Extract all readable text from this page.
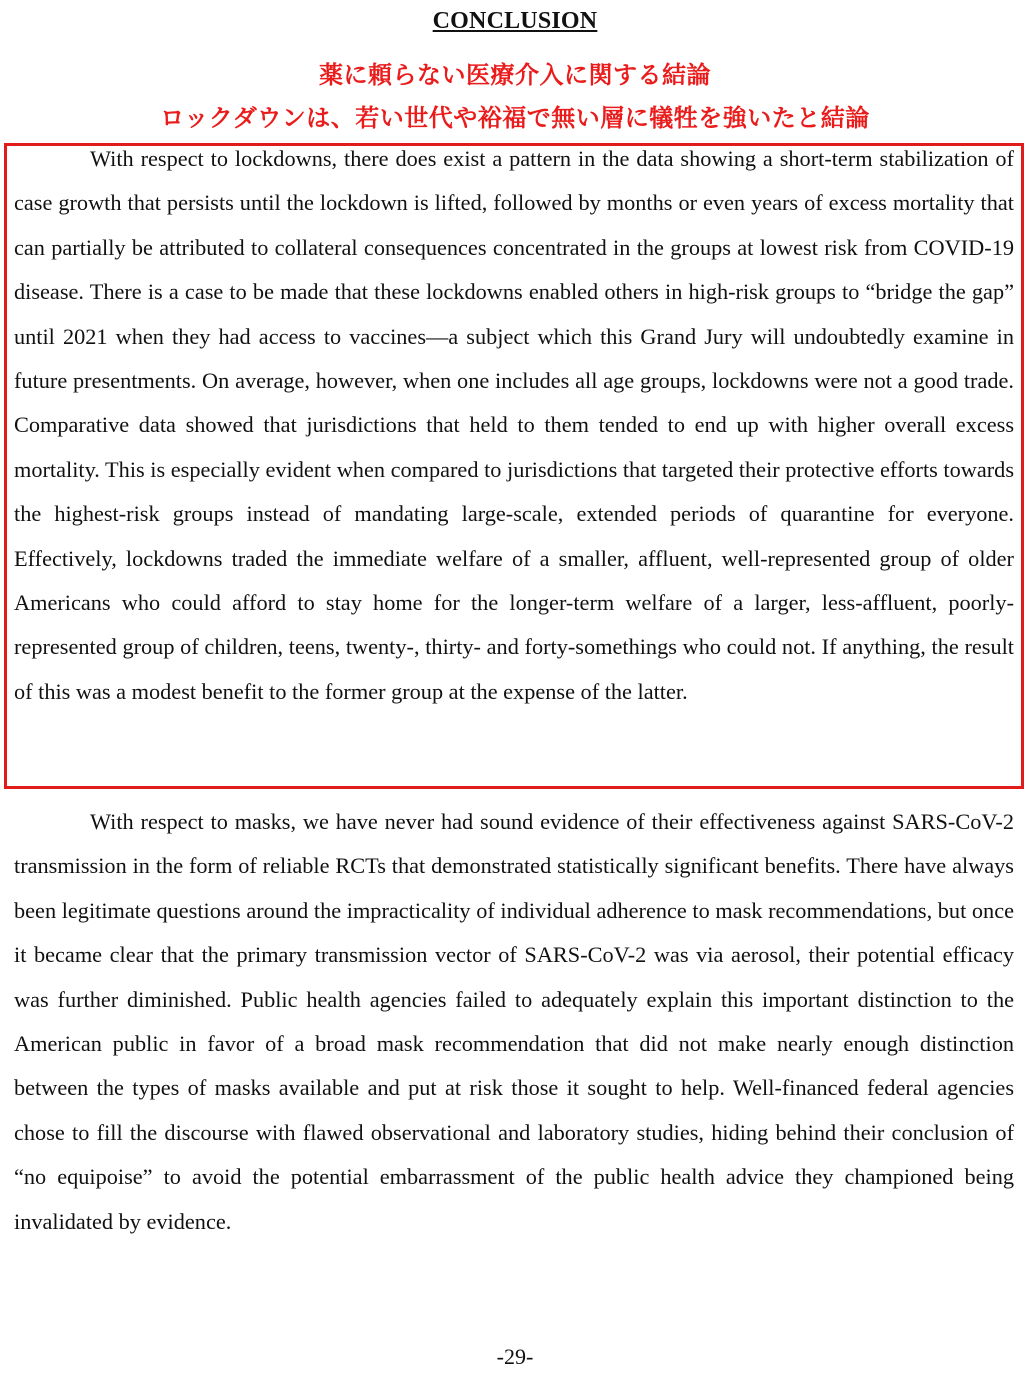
CONCLUSION
薬に頼らない医療介入に関する結論
ロックダウンは、若い世代や裕福で無い層に犠牲を強いたと結論

With respect to lockdowns, there does exist a pattern in the data showing a short-term stabilization of case growth that persists until the lockdown is lifted, followed by months or even years of excess mortality that can partially be attributed to collateral consequences concentrated in the groups at lowest risk from COVID-19 disease. There is a case to be made that these lockdowns enabled others in high-risk groups to “bridge the gap” until 2021 when they had access to vaccines—a subject which this Grand Jury will undoubtedly examine in future presentments. On average, however, when one includes all age groups, lockdowns were not a good trade. Comparative data showed that jurisdictions that held to them tended to end up with higher overall excess mortality. This is especially evident when compared to jurisdictions that targeted their protective efforts towards the highest-risk groups instead of mandating large-scale, extended periods of quarantine for everyone. Effectively, lockdowns traded the immediate welfare of a smaller, affluent, well-represented group of older Americans who could afford to stay home for the longer-term welfare of a larger, less-affluent, poorly-represented group of children, teens, twenty-, thirty- and forty-somethings who could not. If anything, the result of this was a modest benefit to the former group at the expense of the latter.

With respect to masks, we have never had sound evidence of their effectiveness against SARS-CoV-2 transmission in the form of reliable RCTs that demonstrated statistically significant benefits. There have always been legitimate questions around the impracticality of individual adherence to mask recommendations, but once it became clear that the primary transmission vector of SARS-CoV-2 was via aerosol, their potential efficacy was further diminished. Public health agencies failed to adequately explain this important distinction to the American public in favor of a broad mask recommendation that did not make nearly enough distinction between the types of masks available and put at risk those it sought to help. Well-financed federal agencies chose to fill the discourse with flawed observational and laboratory studies, hiding behind their conclusion of “no equipoise” to avoid the potential embarrassment of the public health advice they championed being invalidated by evidence.

-29-
